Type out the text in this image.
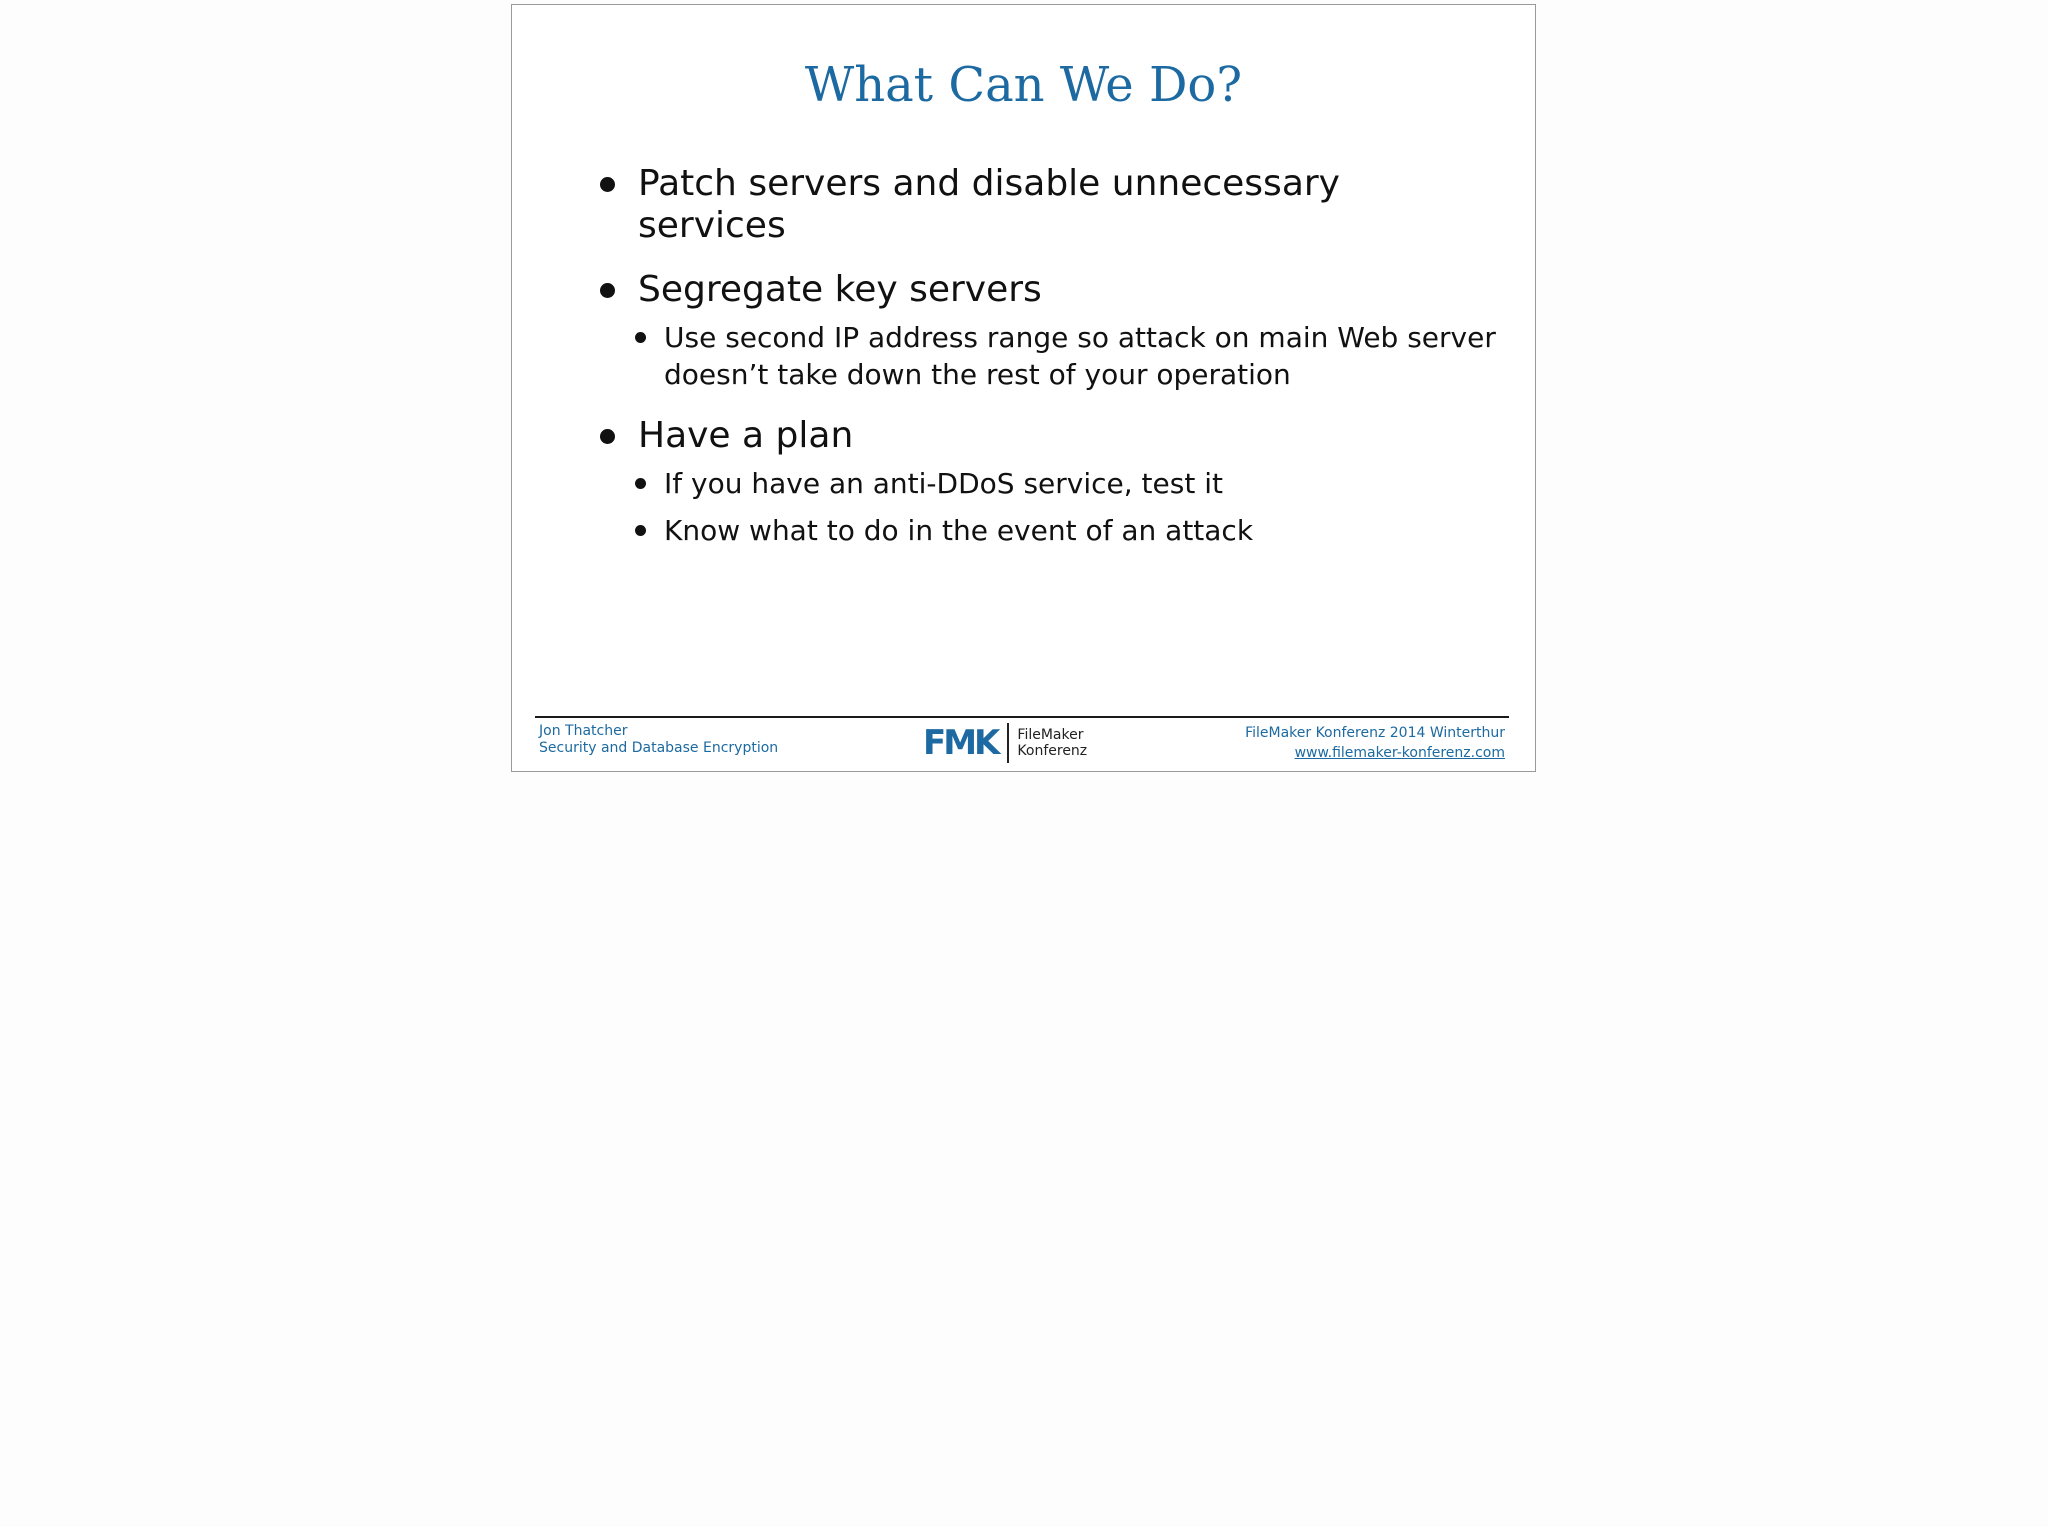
What Can We Do?
Patch servers and disable unnecessary services
Segregate key servers
Use second IP address range so attack on main Web server doesn’t take down the rest of your operation
Have a plan
If you have an anti-DDoS service, test it
Know what to do in the event of an attack
Jon Thatcher
Security and Database Encryption	FMK FileMaker
Konferenz
FileMaker Konferenz 2014 Winterthur
www.filemaker-konferenz.com
